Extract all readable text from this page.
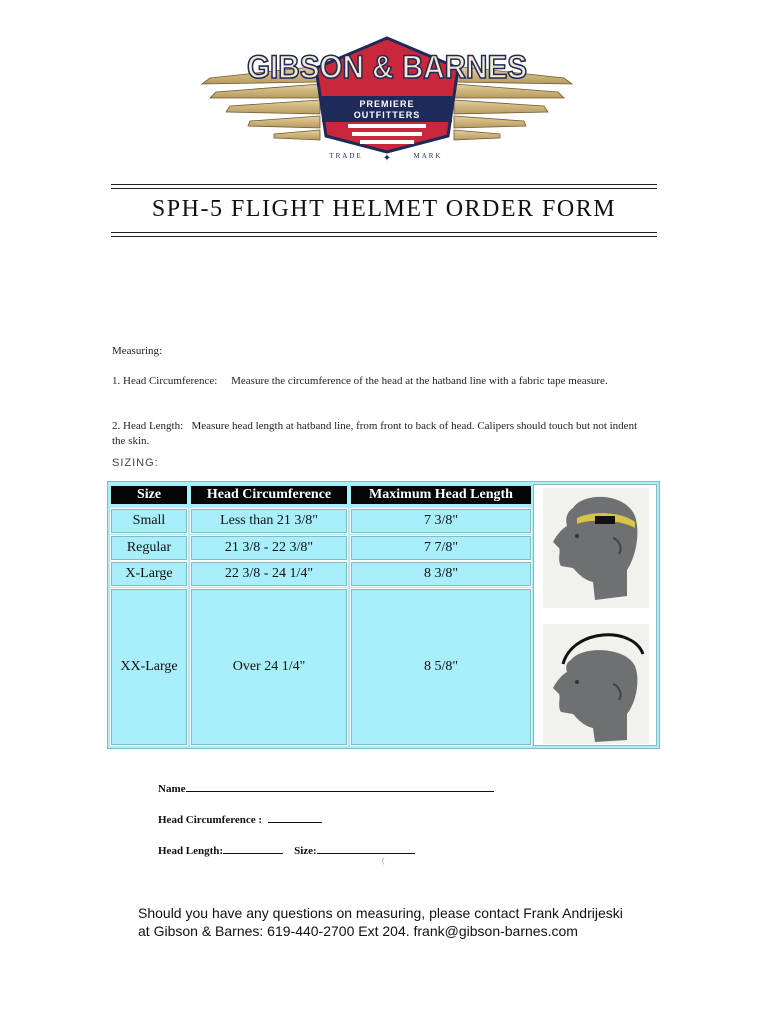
GIBSON & BARNES
PREMIERE
OUTFITTERS
TRADE	MARK
✦
SPH-5 FLIGHT HELMET ORDER FORM
Measuring:
1. Head Circumference: Measure the circumference of the head at the hatband line with a fabric tape measure.
2. Head Length: Measure head length at hatband line, from front to back of head. Calipers should touch but not indent the skin.
SIZING:
Size	Head Circumference	Maximum Head Length
Small	Less than 21 3/8"	7 3/8"
Regular	21 3/8 - 22 3/8"	7 7/8"
X-Large	22 3/8 - 24 1/4"	8 3/8"
XX-Large	Over 24 1/4"	8 5/8"
Name
Head Circumference :
Head Length:	Size:
(
Should you have any questions on measuring, please contact Frank Andrijeski
at Gibson & Barnes: 619-440-2700 Ext 204. frank@gibson-barnes.com
